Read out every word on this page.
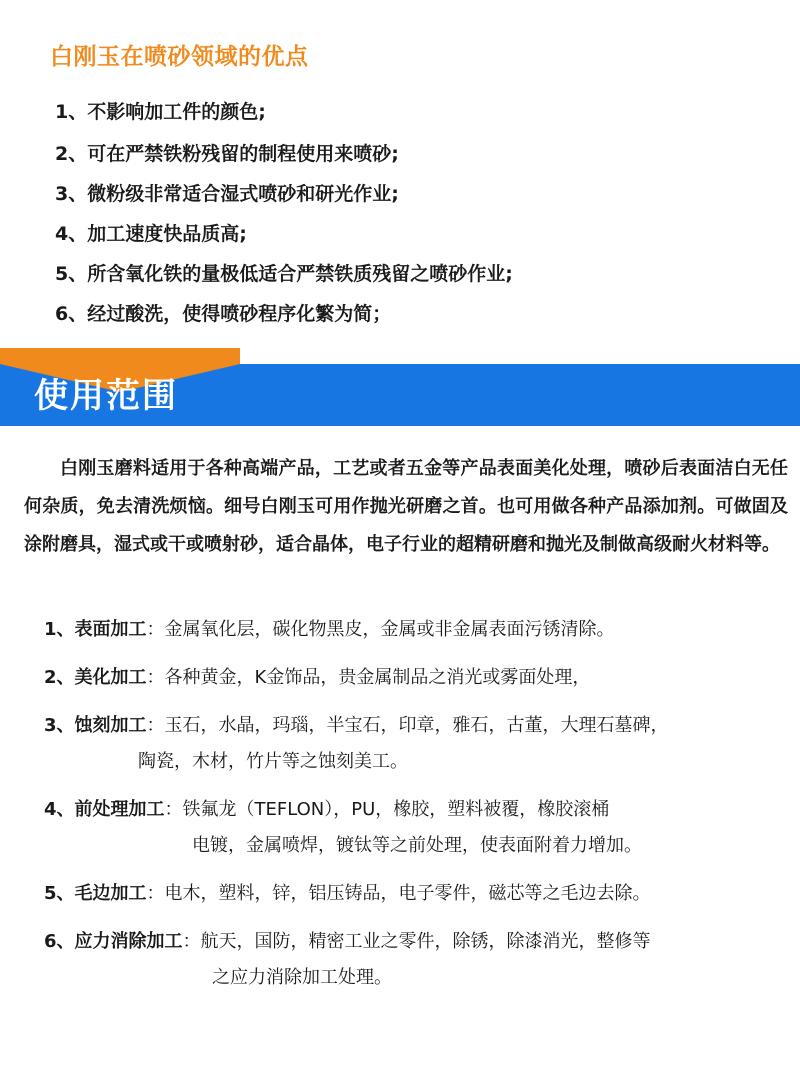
白刚玉在喷砂领域的优点
1、不影响加工件的颜色;
2、可在严禁铁粉残留的制程使用来喷砂;
3、微粉级非常适合湿式喷砂和研光作业;
4、加工速度快品质高;
5、所含氧化铁的量极低适合严禁铁质残留之喷砂作业;
6、经过酸洗，使得喷砂程序化繁为简；
使用范围

白刚玉磨料适用于各种高端产品，工艺或者五金等产品表面美化处理，喷砂后表面洁白无任何杂质，免去清洗烦恼。细号白刚玉可用作抛光研磨之首。也可用做各种产品添加剂。可做固及涂附磨具，湿式或干或喷射砂，适合晶体，电子行业的超精研磨和抛光及制做高级耐火材料等。

1、表面加工 ：金属氧化层，碳化物黑皮，金属或非金属表面污锈清除。
2、美化加工 ：各种黄金，K金饰品，贵金属制品之消光或雾面处理，
3、蚀刻加工 ：玉石，水晶，玛瑙，半宝石，印章，雅石，古董，大理石墓碑，
陶瓷，木材，竹片等之蚀刻美工。
4、前处理加工 ：铁氟龙（TEFLON），PU，橡胶，塑料被覆，橡胶滚桶
电镀，金属喷焊，镀钛等之前处理，使表面附着力增加。
5、毛边加工 ：电木，塑料，锌，铝压铸品，电子零件，磁芯等之毛边去除。
6、应力消除加工 ：航天，国防，精密工业之零件，除锈，除漆消光，整修等
之应力消除加工处理。
